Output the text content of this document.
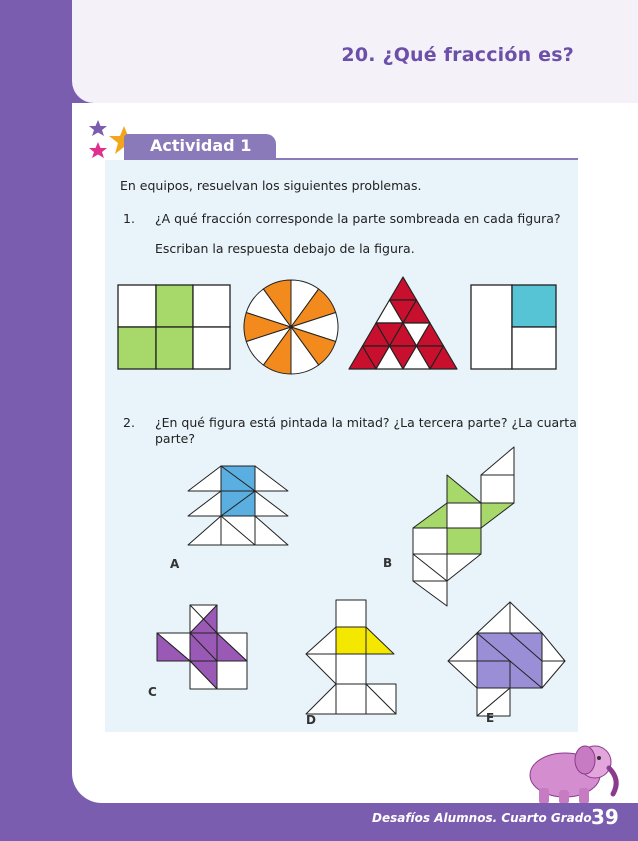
20. ¿Qué fracción es?
Actividad 1
En equipos, resuelvan los siguientes problemas.
1. ¿A qué fracción corresponde la parte sombreada en cada figura?
Escriban la respuesta debajo de la figura.
2. ¿En qué figura está pintada la mitad? ¿La tercera parte? ¿La cuarta
parte?
A	B
C
D	E
Desafíos Alumnos. Cuarto Grado 39
